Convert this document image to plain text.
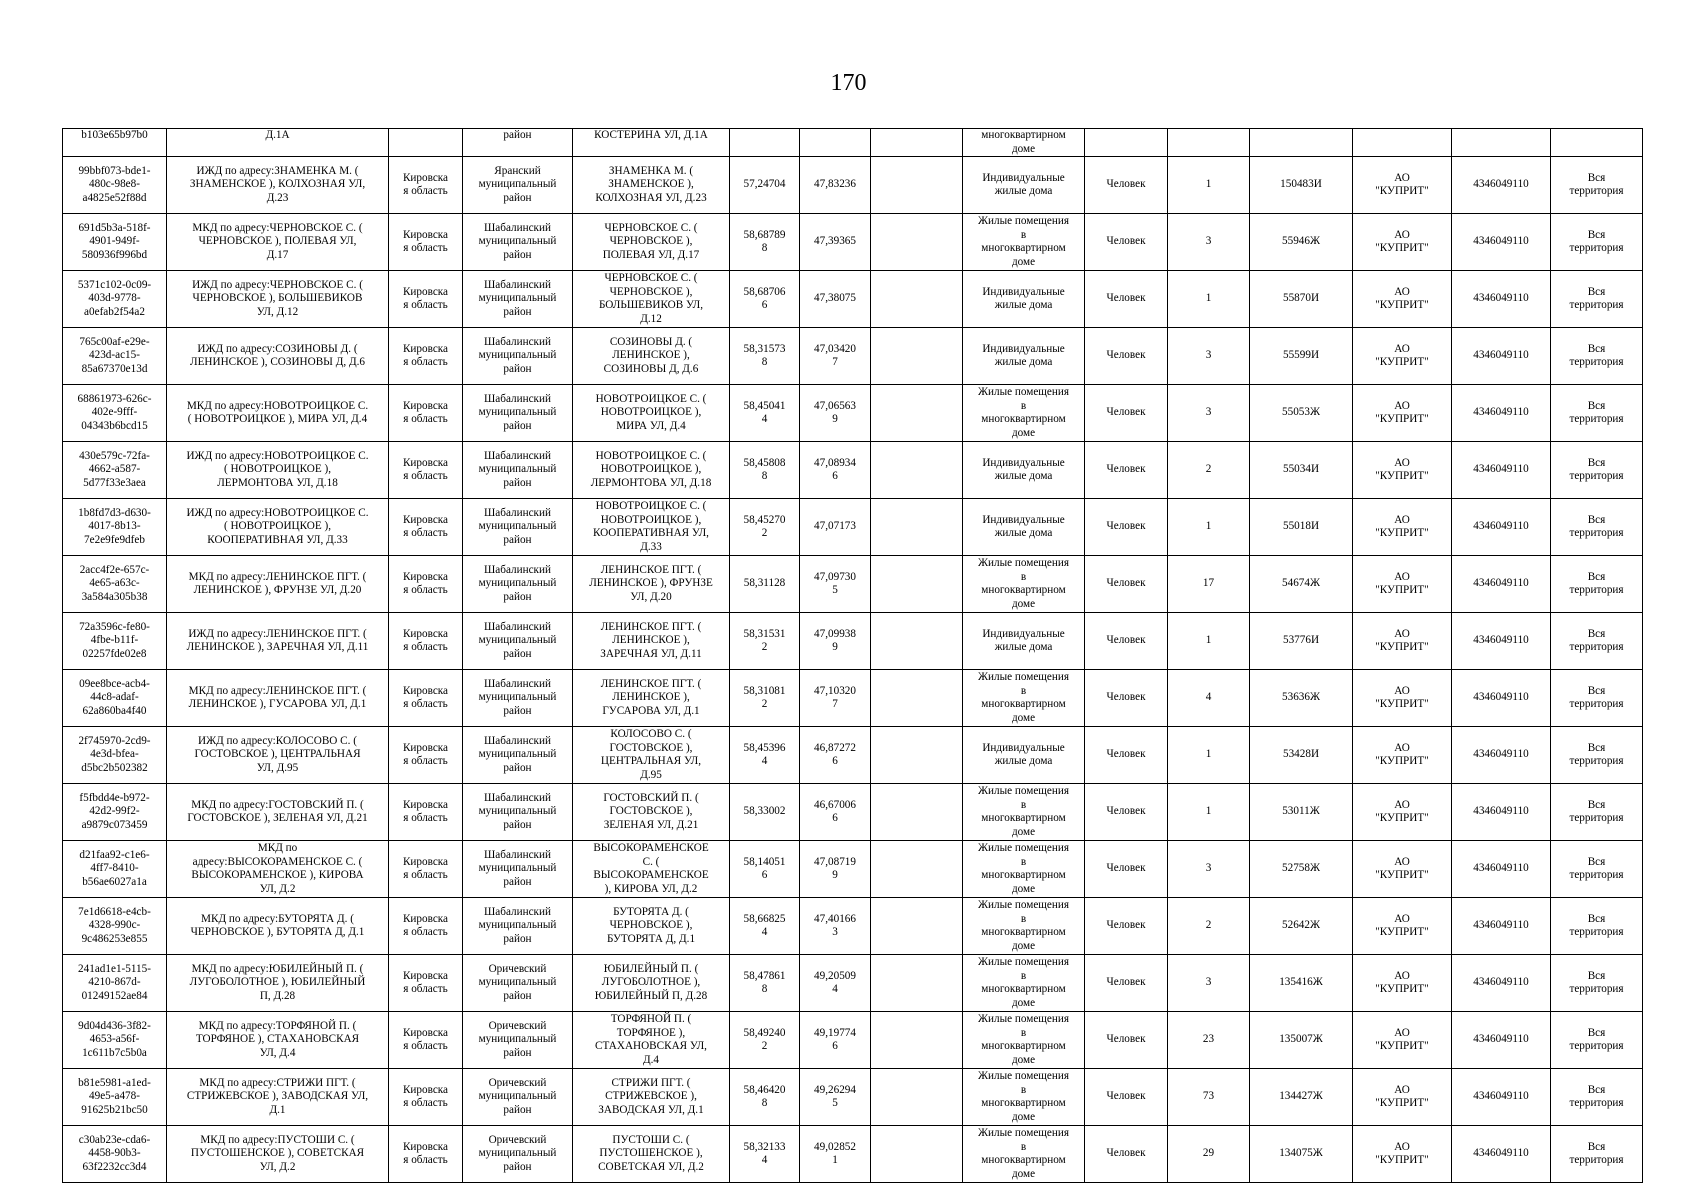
170
b103e65b97b0	Д.1А		район	КОСТЕРИНА УЛ, Д.1А				многоквартирном
доме						
99bbf073-bde1-
480c-98e8-
a4825e52f88d	ИЖД по адресу:ЗНАМЕНКА М. (
ЗНАМЕНСКОЕ ), КОЛХОЗНАЯ УЛ,
Д.23	Кировска
я область	Яранский
муниципальный
район	ЗНАМЕНКА М. (
ЗНАМЕНСКОЕ ),
КОЛХОЗНАЯ УЛ, Д.23	57,24704	47,83236		Индивидуальные
жилые дома	Человек	1	150483И	АО
"КУПРИТ"	4346049110	Вся
территория
691d5b3a-518f-
4901-949f-
580936f996bd	МКД по адресу:ЧЕРНОВСКОЕ С. (
ЧЕРНОВСКОЕ ), ПОЛЕВАЯ УЛ,
Д.17	Кировска
я область	Шабалинский
муниципальный
район	ЧЕРНОВСКОЕ С. (
ЧЕРНОВСКОЕ ),
ПОЛЕВАЯ УЛ, Д.17	58,68789
8	47,39365		Жилые помещения
в
многоквартирном
доме	Человек	3	55946Ж	АО
"КУПРИТ"	4346049110	Вся
территория
5371c102-0c09-
403d-9778-
a0efab2f54a2	ИЖД по адресу:ЧЕРНОВСКОЕ С. (
ЧЕРНОВСКОЕ ), БОЛЬШЕВИКОВ
УЛ, Д.12	Кировска
я область	Шабалинский
муниципальный
район	ЧЕРНОВСКОЕ С. (
ЧЕРНОВСКОЕ ),
БОЛЬШЕВИКОВ УЛ,
Д.12	58,68706
6	47,38075		Индивидуальные
жилые дома	Человек	1	55870И	АО
"КУПРИТ"	4346049110	Вся
территория
765c00af-e29e-
423d-ac15-
85a67370e13d	ИЖД по адресу:СОЗИНОВЫ Д. (
ЛЕНИНСКОЕ ), СОЗИНОВЫ Д, Д.6	Кировска
я область	Шабалинский
муниципальный
район	СОЗИНОВЫ Д. (
ЛЕНИНСКОЕ ),
СОЗИНОВЫ Д, Д.6	58,31573
8	47,03420
7		Индивидуальные
жилые дома	Человек	3	55599И	АО
"КУПРИТ"	4346049110	Вся
территория
68861973-626c-
402e-9fff-
04343b6bcd15	МКД по адресу:НОВОТРОИЦКОЕ С.
( НОВОТРОИЦКОЕ ), МИРА УЛ, Д.4	Кировска
я область	Шабалинский
муниципальный
район	НОВОТРОИЦКОЕ С. (
НОВОТРОИЦКОЕ ),
МИРА УЛ, Д.4	58,45041
4	47,06563
9		Жилые помещения
в
многоквартирном
доме	Человек	3	55053Ж	АО
"КУПРИТ"	4346049110	Вся
территория
430e579c-72fa-
4662-a587-
5d77f33e3aea	ИЖД по адресу:НОВОТРОИЦКОЕ С.
( НОВОТРОИЦКОЕ ),
ЛЕРМОНТОВА УЛ, Д.18	Кировска
я область	Шабалинский
муниципальный
район	НОВОТРОИЦКОЕ С. (
НОВОТРОИЦКОЕ ),
ЛЕРМОНТОВА УЛ, Д.18	58,45808
8	47,08934
6		Индивидуальные
жилые дома	Человек	2	55034И	АО
"КУПРИТ"	4346049110	Вся
территория
1b8fd7d3-d630-
4017-8b13-
7e2e9fe9dfeb	ИЖД по адресу:НОВОТРОИЦКОЕ С.
( НОВОТРОИЦКОЕ ),
КООПЕРАТИВНАЯ УЛ, Д.33	Кировска
я область	Шабалинский
муниципальный
район	НОВОТРОИЦКОЕ С. (
НОВОТРОИЦКОЕ ),
КООПЕРАТИВНАЯ УЛ,
Д.33	58,45270
2	47,07173		Индивидуальные
жилые дома	Человек	1	55018И	АО
"КУПРИТ"	4346049110	Вся
территория
2acc4f2e-657c-
4e65-a63c-
3a584a305b38	МКД по адресу:ЛЕНИНСКОЕ ПГТ. (
ЛЕНИНСКОЕ ), ФРУНЗЕ УЛ, Д.20	Кировска
я область	Шабалинский
муниципальный
район	ЛЕНИНСКОЕ ПГТ. (
ЛЕНИНСКОЕ ), ФРУНЗЕ
УЛ, Д.20	58,31128	47,09730
5		Жилые помещения
в
многоквартирном
доме	Человек	17	54674Ж	АО
"КУПРИТ"	4346049110	Вся
территория
72a3596c-fe80-
4fbe-b11f-
02257fde02e8	ИЖД по адресу:ЛЕНИНСКОЕ ПГТ. (
ЛЕНИНСКОЕ ), ЗАРЕЧНАЯ УЛ, Д.11	Кировска
я область	Шабалинский
муниципальный
район	ЛЕНИНСКОЕ ПГТ. (
ЛЕНИНСКОЕ ),
ЗАРЕЧНАЯ УЛ, Д.11	58,31531
2	47,09938
9		Индивидуальные
жилые дома	Человек	1	53776И	АО
"КУПРИТ"	4346049110	Вся
территория
09ee8bce-acb4-
44c8-adaf-
62a860ba4f40	МКД по адресу:ЛЕНИНСКОЕ ПГТ. (
ЛЕНИНСКОЕ ), ГУСАРОВА УЛ, Д.1	Кировска
я область	Шабалинский
муниципальный
район	ЛЕНИНСКОЕ ПГТ. (
ЛЕНИНСКОЕ ),
ГУСАРОВА УЛ, Д.1	58,31081
2	47,10320
7		Жилые помещения
в
многоквартирном
доме	Человек	4	53636Ж	АО
"КУПРИТ"	4346049110	Вся
территория
2f745970-2cd9-
4e3d-bfea-
d5bc2b502382	ИЖД по адресу:КОЛОСОВО С. (
ГОСТОВСКОЕ ), ЦЕНТРАЛЬНАЯ
УЛ, Д.95	Кировска
я область	Шабалинский
муниципальный
район	КОЛОСОВО С. (
ГОСТОВСКОЕ ),
ЦЕНТРАЛЬНАЯ УЛ,
Д.95	58,45396
4	46,87272
6		Индивидуальные
жилые дома	Человек	1	53428И	АО
"КУПРИТ"	4346049110	Вся
территория
f5fbdd4e-b972-
42d2-99f2-
a9879c073459	МКД по адресу:ГОСТОВСКИЙ П. (
ГОСТОВСКОЕ ), ЗЕЛЕНАЯ УЛ, Д.21	Кировска
я область	Шабалинский
муниципальный
район	ГОСТОВСКИЙ П. (
ГОСТОВСКОЕ ),
ЗЕЛЕНАЯ УЛ, Д.21	58,33002	46,67006
6		Жилые помещения
в
многоквартирном
доме	Человек	1	53011Ж	АО
"КУПРИТ"	4346049110	Вся
территория
d21faa92-c1e6-
4ff7-8410-
b56ae6027a1a	МКД по
адресу:ВЫСОКОРАМЕНСКОЕ С. (
ВЫСОКОРАМЕНСКОЕ ), КИРОВА
УЛ, Д.2	Кировска
я область	Шабалинский
муниципальный
район	ВЫСОКОРАМЕНСКОЕ
С. (
ВЫСОКОРАМЕНСКОЕ
), КИРОВА УЛ, Д.2	58,14051
6	47,08719
9		Жилые помещения
в
многоквартирном
доме	Человек	3	52758Ж	АО
"КУПРИТ"	4346049110	Вся
территория
7e1d6618-e4cb-
4328-990c-
9c486253e855	МКД по адресу:БУТОРЯТА Д. (
ЧЕРНОВСКОЕ ), БУТОРЯТА Д, Д.1	Кировска
я область	Шабалинский
муниципальный
район	БУТОРЯТА Д. (
ЧЕРНОВСКОЕ ),
БУТОРЯТА Д, Д.1	58,66825
4	47,40166
3		Жилые помещения
в
многоквартирном
доме	Человек	2	52642Ж	АО
"КУПРИТ"	4346049110	Вся
территория
241ad1e1-5115-
4210-867d-
01249152ae84	МКД по адресу:ЮБИЛЕЙНЫЙ П. (
ЛУГОБОЛОТНОЕ ), ЮБИЛЕЙНЫЙ
П, Д.28	Кировска
я область	Оричевский
муниципальный
район	ЮБИЛЕЙНЫЙ П. (
ЛУГОБОЛОТНОЕ ),
ЮБИЛЕЙНЫЙ П, Д.28	58,47861
8	49,20509
4		Жилые помещения
в
многоквартирном
доме	Человек	3	135416Ж	АО
"КУПРИТ"	4346049110	Вся
территория
9d04d436-3f82-
4653-a56f-
1c611b7c5b0a	МКД по адресу:ТОРФЯНОЙ П. (
ТОРФЯНОЕ ), СТАХАНОВСКАЯ
УЛ, Д.4	Кировска
я область	Оричевский
муниципальный
район	ТОРФЯНОЙ П. (
ТОРФЯНОЕ ),
СТАХАНОВСКАЯ УЛ,
Д.4	58,49240
2	49,19774
6		Жилые помещения
в
многоквартирном
доме	Человек	23	135007Ж	АО
"КУПРИТ"	4346049110	Вся
территория
b81e5981-a1ed-
49e5-a478-
91625b21bc50	МКД по адресу:СТРИЖИ ПГТ. (
СТРИЖЕВСКОЕ ), ЗАВОДСКАЯ УЛ,
Д.1	Кировска
я область	Оричевский
муниципальный
район	СТРИЖИ ПГТ. (
СТРИЖЕВСКОЕ ),
ЗАВОДСКАЯ УЛ, Д.1	58,46420
8	49,26294
5		Жилые помещения
в
многоквартирном
доме	Человек	73	134427Ж	АО
"КУПРИТ"	4346049110	Вся
территория
c30ab23e-cda6-
4458-90b3-
63f2232cc3d4	МКД по адресу:ПУСТОШИ С. (
ПУСТОШЕНСКОЕ ), СОВЕТСКАЯ
УЛ, Д.2	Кировска
я область	Оричевский
муниципальный
район	ПУСТОШИ С. (
ПУСТОШЕНСКОЕ ),
СОВЕТСКАЯ УЛ, Д.2	58,32133
4	49,02852
1		Жилые помещения
в
многоквартирном
доме	Человек	29	134075Ж	АО
"КУПРИТ"	4346049110	Вся
территория
